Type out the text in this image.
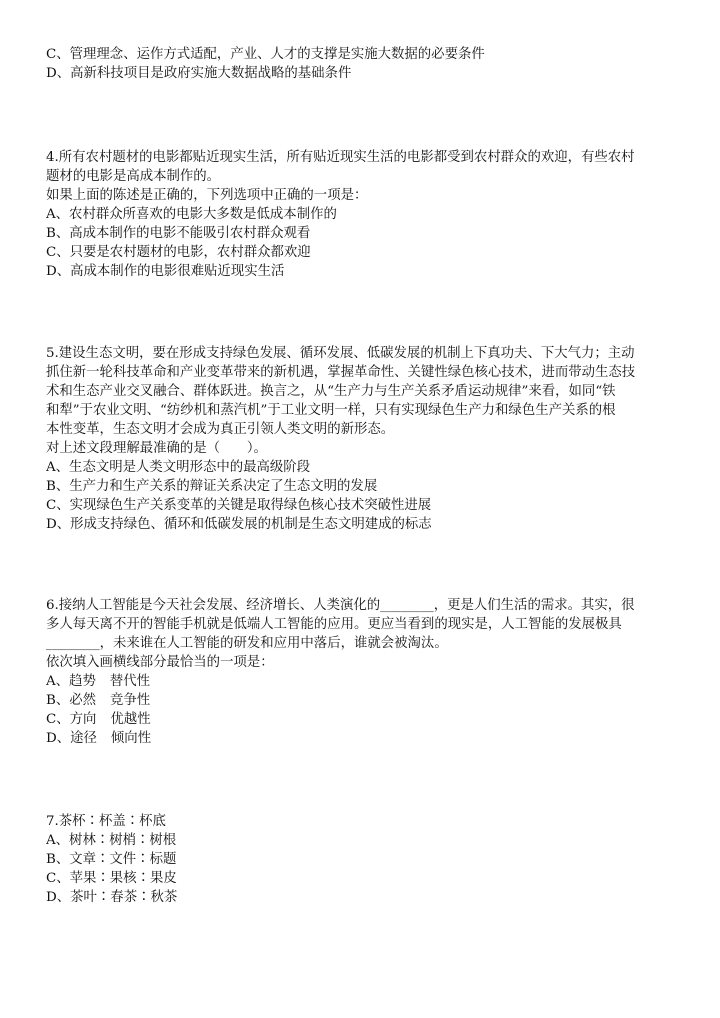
C、管理理念、运作方式适配，产业、人才的支撑是实施大数据的必要条件
D、高新科技项目是政府实施大数据战略的基础条件
4.所有农村题材的电影都贴近现实生活，所有贴近现实生活的电影都受到农村群众的欢迎，有些农村
题材的电影是高成本制作的。
如果上面的陈述是正确的，下列选项中正确的一项是：
A、农村群众所喜欢的电影大多数是低成本制作的
B、高成本制作的电影不能吸引农村群众观看
C、只要是农村题材的电影，农村群众都欢迎
D、高成本制作的电影很难贴近现实生活
5.建设生态文明，要在形成支持绿色发展、循环发展、低碳发展的机制上下真功夫、下大气力；主动
抓住新一轮科技革命和产业变革带来的新机遇，掌握革命性、关键性绿色核心技术，进而带动生态技
术和生态产业交叉融合、群体跃进。换言之，从“生产力与生产关系矛盾运动规律”来看，如同“铁
和犁”于农业文明、“纺纱机和蒸汽机”于工业文明一样，只有实现绿色生产力和绿色生产关系的根
本性变革，生态文明才会成为真正引领人类文明的新形态。
对上述文段理解最准确的是（　　）。
A、生态文明是人类文明形态中的最高级阶段
B、生产力和生产关系的辩证关系决定了生态文明的发展
C、实现绿色生产关系变革的关键是取得绿色核心技术突破性进展
D、形成支持绿色、循环和低碳发展的机制是生态文明建成的标志
6.接纳人工智能是今天社会发展、经济增长、人类演化的________，更是人们生活的需求。其实，很
多人每天离不开的智能手机就是低端人工智能的应用。更应当看到的现实是，人工智能的发展极具
________，未来谁在人工智能的研发和应用中落后，谁就会被淘汰。
依次填入画横线部分最恰当的一项是：
A、趋势 替代性
B、必然 竞争性
C、方向 优越性
D、途径 倾向性
7.茶杯∶杯盖∶杯底
A、树林∶树梢∶树根
B、文章∶文件∶标题
C、苹果∶果核∶果皮
D、茶叶∶春茶∶秋茶
